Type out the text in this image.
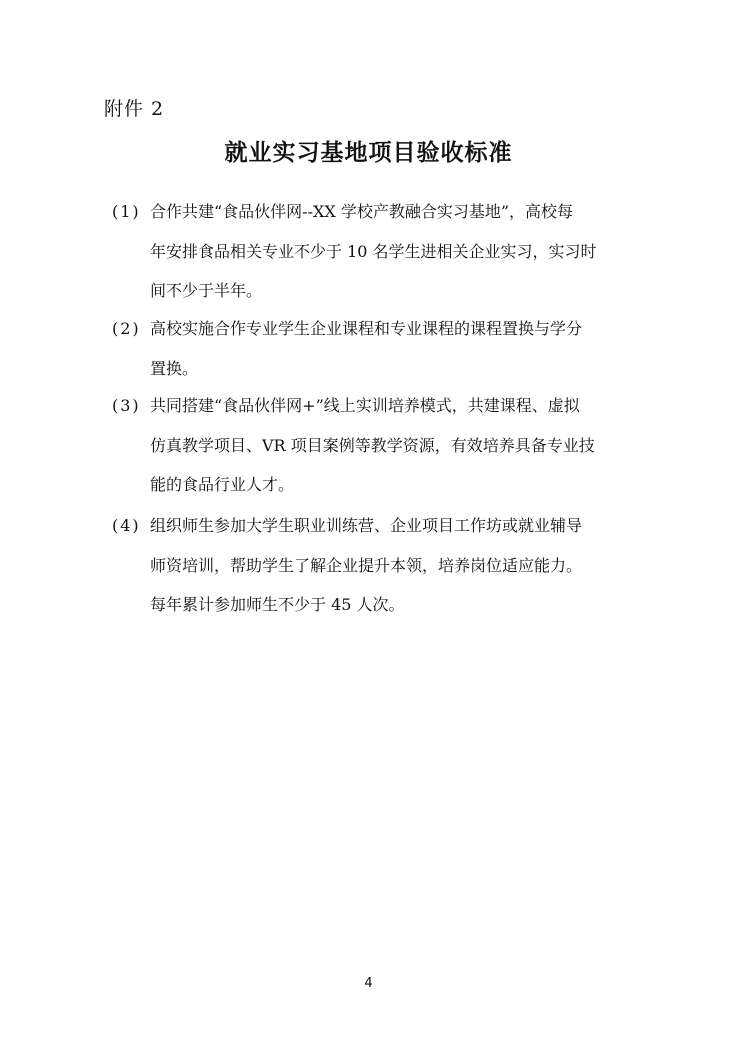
附件 2
就业实习基地项目验收标准
(1) 合作共建“食品伙伴网--XX 学校产教融合实习基地”，高校每
年安排食品相关专业不少于 10 名学生进相关企业实习，实习时
间不少于半年。
(2) 高校实施合作专业学生企业课程和专业课程的课程置换与学分
置换。
(3) 共同搭建“食品伙伴网+”线上实训培养模式，共建课程、虚拟
仿真教学项目、VR 项目案例等教学资源，有效培养具备专业技
能的食品行业人才。
(4) 组织师生参加大学生职业训练营、企业项目工作坊或就业辅导
师资培训，帮助学生了解企业提升本领，培养岗位适应能力。
每年累计参加师生不少于 45 人次。
4
